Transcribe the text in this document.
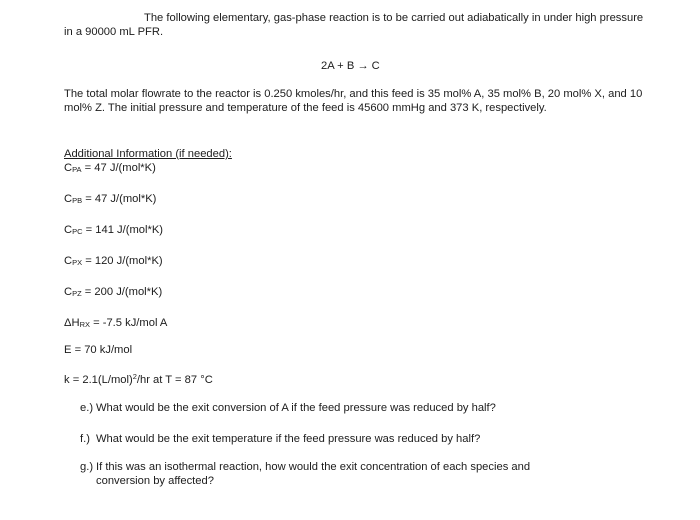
The following elementary, gas-phase reaction is to be carried out adiabatically in under high pressure in a 90000 mL PFR.
2A + B → C
The total molar flowrate to the reactor is 0.250 kmoles/hr, and this feed is 35 mol% A, 35 mol% B, 20 mol% X, and 10 mol% Z. The initial pressure and temperature of the feed is 45600 mmHg and 373 K, respectively.
Additional Information (if needed):
CPA = 47 J/(mol*K)
CPB = 47 J/(mol*K)
CPC = 141 J/(mol*K)
CPX = 120 J/(mol*K)
CPZ = 200 J/(mol*K)
ΔHRX = -7.5 kJ/mol A
E = 70 kJ/mol
$k = 2.1(L/mol)^2/hr$ at T = 87 °C
e.) What would be the exit conversion of A if the feed pressure was reduced by half?
f.) What would be the exit temperature if the feed pressure was reduced by half?
g.) If this was an isothermal reaction, how would the exit concentration of each species and
conversion by affected?
